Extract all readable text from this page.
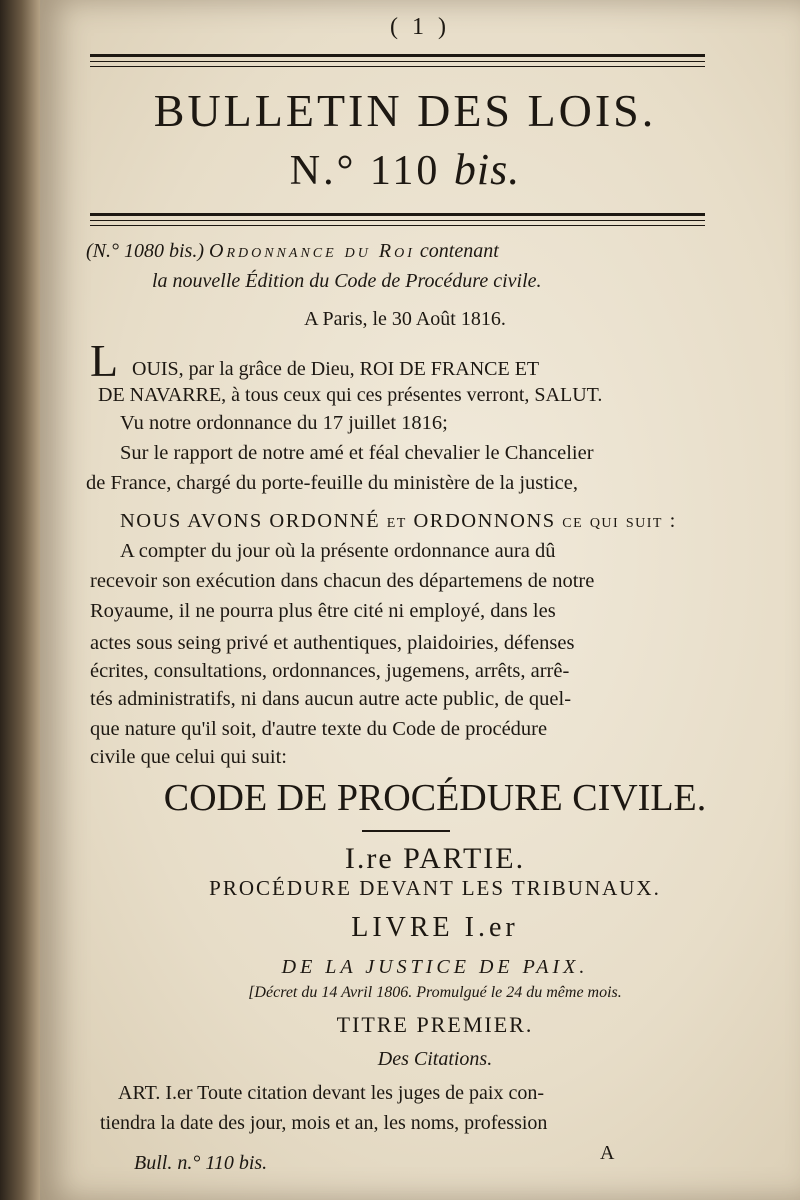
( 1 )
BULLETIN DES LOIS.
N.° 110 bis.
(N.° 1080 bis.) Ordonnance du Roi contenant
la nouvelle Édition du Code de Procédure civile.
A Paris, le 30 Août 1816.
L OUIS, par la grâce de Dieu, ROI DE FRANCE ET
DE NAVARRE, à tous ceux qui ces présentes verront, SALUT.
Vu notre ordonnance du 17 juillet 1816;
Sur le rapport de notre amé et féal chevalier le Chancelier
de France, chargé du porte-feuille du ministère de la justice,
NOUS AVONS ORDONNÉ et ORDONNONS ce qui suit :
A compter du jour où la présente ordonnance aura dû
recevoir son exécution dans chacun des départemens de notre
Royaume, il ne pourra plus être cité ni employé, dans les
actes sous seing privé et authentiques, plaidoiries, défenses
écrites, consultations, ordonnances, jugemens, arrêts, arrê-
tés administratifs, ni dans aucun autre acte public, de quel-
que nature qu'il soit, d'autre texte du Code de procédure
civile que celui qui suit:
CODE DE PROCÉDURE CIVILE.
I.re PARTIE.
PROCÉDURE DEVANT LES TRIBUNAUX.
LIVRE I.er
DE LA JUSTICE DE PAIX.
[Décret du 14 Avril 1806. Promulgué le 24 du même mois.
TITRE PREMIER.
Des Citations.
ART. I.er Toute citation devant les juges de paix con-
tiendra la date des jour, mois et an, les noms, profession
Bull. n.° 110 bis.	A
